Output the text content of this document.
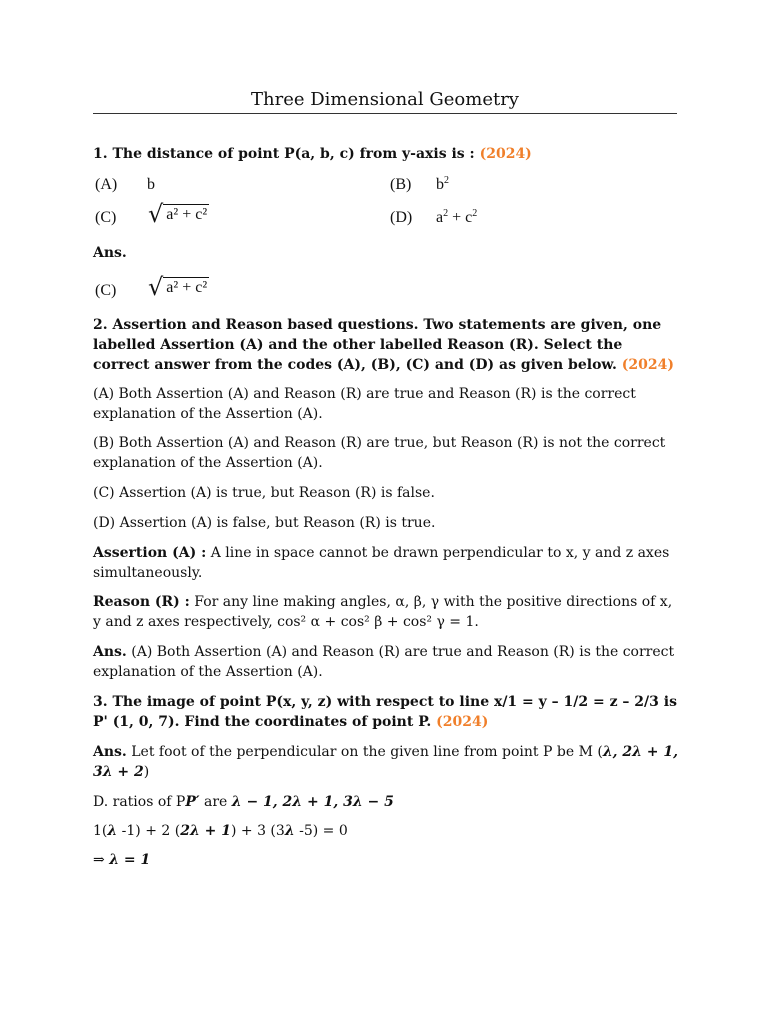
Three Dimensional Geometry
1. The distance of point P(a, b, c) from y-axis is : (2024)
(A) b	(B) $b^2$
(C) √ a² + c²	(D) $a^2 + c^2$
Ans.
(C) √ a² + c²
2. Assertion and Reason based questions. Two statements are given, one labelled Assertion (A) and the other labelled Reason (R). Select the correct answer from the codes (A), (B), (C) and (D) as given below. (2024)
(A) Both Assertion (A) and Reason (R) are true and Reason (R) is the correct explanation of the Assertion (A).
(B) Both Assertion (A) and Reason (R) are true, but Reason (R) is not the correct explanation of the Assertion (A).
(C) Assertion (A) is true, but Reason (R) is false.
(D) Assertion (A) is false, but Reason (R) is true.
Assertion (A) : A line in space cannot be drawn perpendicular to x, y and z axes simultaneously.
Reason (R) : For any line making angles, α, β, γ with the positive directions of x, y and z axes respectively, cos² α + cos² β + cos² γ = 1.
Ans. (A) Both Assertion (A) and Reason (R) are true and Reason (R) is the correct explanation of the Assertion (A).
3. The image of point P(x, y, z) with respect to line x/1 = y – 1/2 = z – 2/3 is P' (1, 0, 7). Find the coordinates of point P. (2024)
Ans. Let foot of the perpendicular on the given line from point P be M (λ, 2λ + 1, 3λ + 2)
D. ratios of PP′ are λ − 1, 2λ + 1, 3λ − 5
1(λ -1) + 2 (2λ + 1) + 3 (3λ -5) = 0
⇒ λ = 1
